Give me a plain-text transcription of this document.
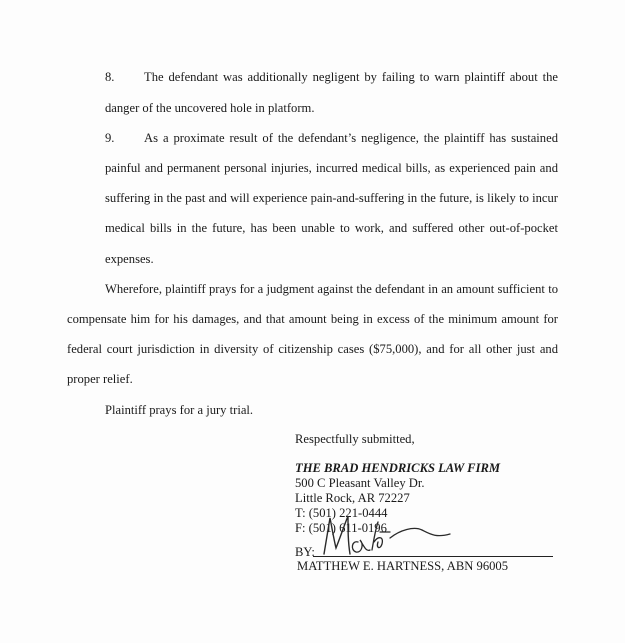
8. The defendant was additionally negligent by failing to warn plaintiff about the
danger of the uncovered hole in platform.
9. As a proximate result of the defendant’s negligence, the plaintiff has sustained
painful and permanent personal injuries, incurred medical bills, as experienced pain and
suffering in the past and will experience pain-and-suffering in the future, is likely to incur
medical bills in the future, has been unable to work, and suffered other out-of-pocket
expenses.
Wherefore, plaintiff prays for a judgment against the defendant in an amount sufficient to
compensate him for his damages, and that amount being in excess of the minimum amount for
federal court jurisdiction in diversity of citizenship cases ($75,000), and for all other just and
proper relief.
Plaintiff prays for a jury trial.
Respectfully submitted,
THE BRAD HENDRICKS LAW FIRM
500 C Pleasant Valley Dr.
Little Rock, AR 72227
T: (501) 221-0444
F: (501) 611-0196
BY:
MATTHEW E. HARTNESS, ABN 96005
